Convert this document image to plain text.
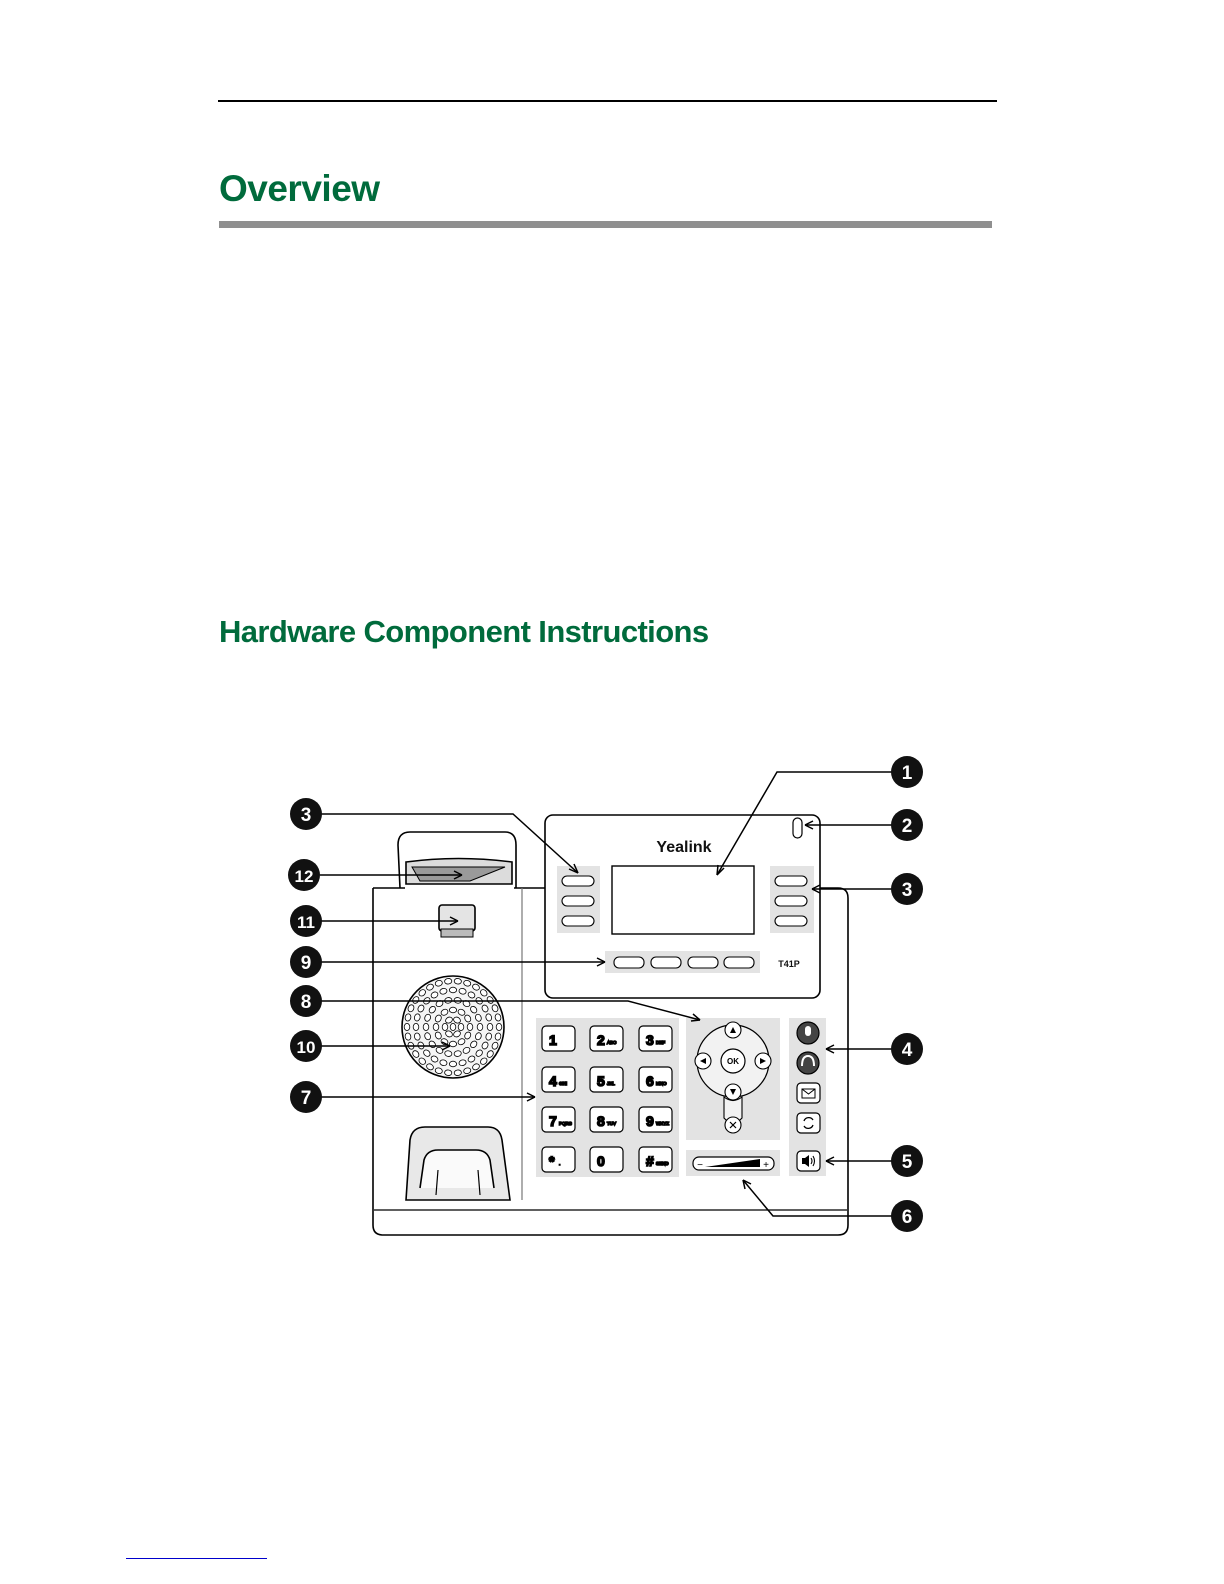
Overview
Hardware Component Instructions
1	2 ABC 3 DEF
4 GHI 5 JKL 6 MNO
7 PQRS 8 TUV 9 WXYZ
* .	0	# SEND
Yealink
T41P
OK
−	+
1
2
3
12
11
3
9
8
10	4
7
5
6
